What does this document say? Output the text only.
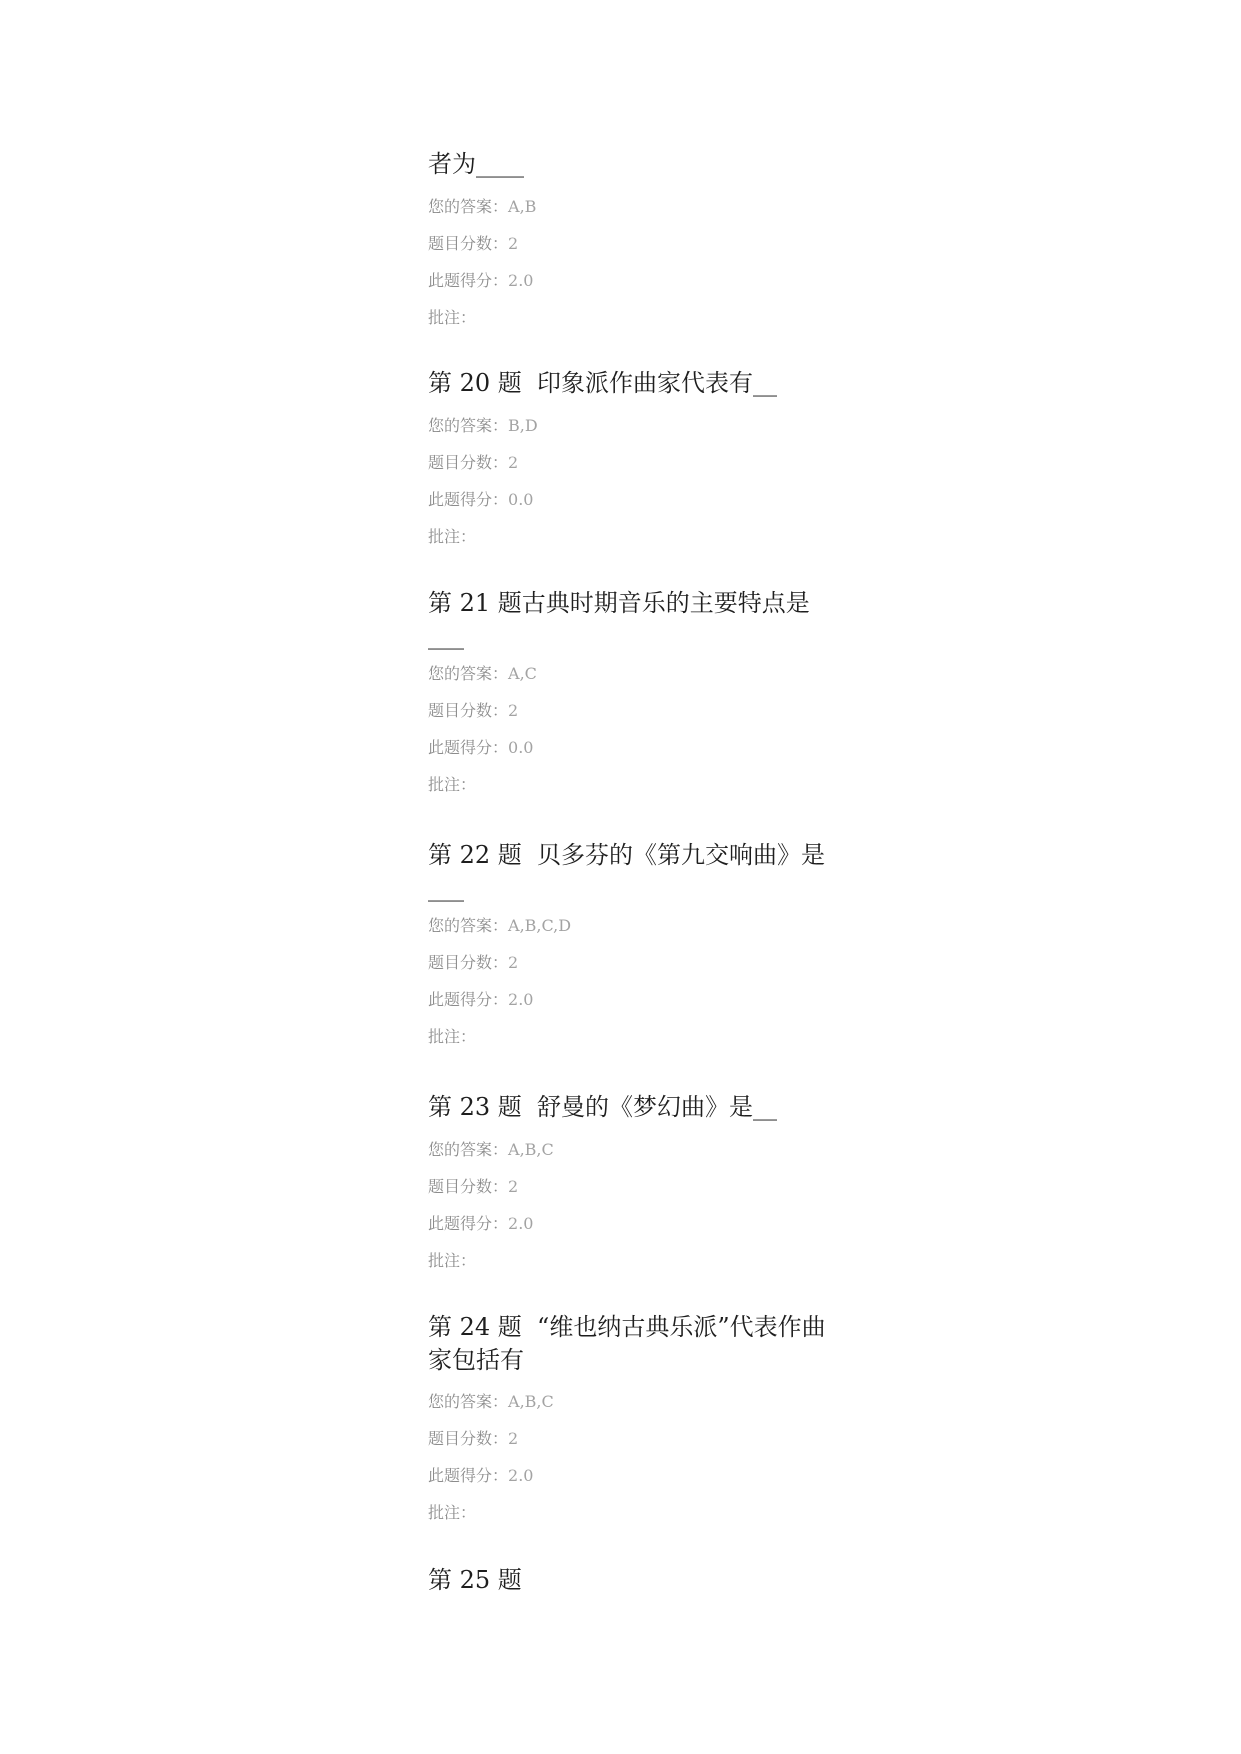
者为____
您的答案：A,B
题目分数：2
此题得分：2.0
批注：
第 20 题  印象派作曲家代表有__
您的答案：B,D
题目分数：2
此题得分：0.0
批注：
第 21 题古典时期音乐的主要特点是___
您的答案：A,C
题目分数：2
此题得分：0.0
批注：
第 22 题  贝多芬的《第九交响曲》是___
您的答案：A,B,C,D
题目分数：2
此题得分：2.0
批注：
第 23 题  舒曼的《梦幻曲》是__
您的答案：A,B,C
题目分数：2
此题得分：2.0
批注：
第 24 题  “维也纳古典乐派”代表作曲家包括有
您的答案：A,B,C
题目分数：2
此题得分：2.0
批注：
第 25 题
